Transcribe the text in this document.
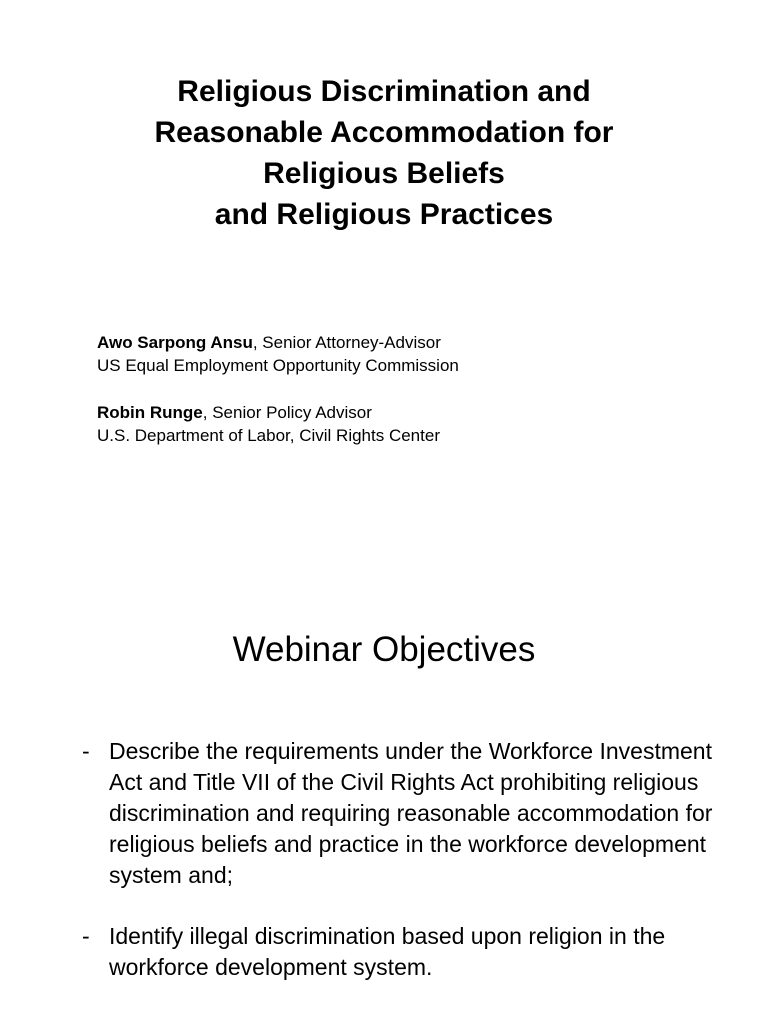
Religious Discrimination and
Reasonable Accommodation for
Religious Beliefs
and Religious Practices
Awo Sarpong Ansu, Senior Attorney-Advisor
US Equal Employment Opportunity Commission
Robin Runge, Senior Policy Advisor
U.S. Department of Labor, Civil Rights Center
Webinar Objectives
- Describe the requirements under the Workforce Investment Act and Title VII of the Civil Rights Act prohibiting religious discrimination and requiring reasonable accommodation for religious beliefs and practice in the workforce development system and;
- Identify illegal discrimination based upon religion in the workforce development system.
